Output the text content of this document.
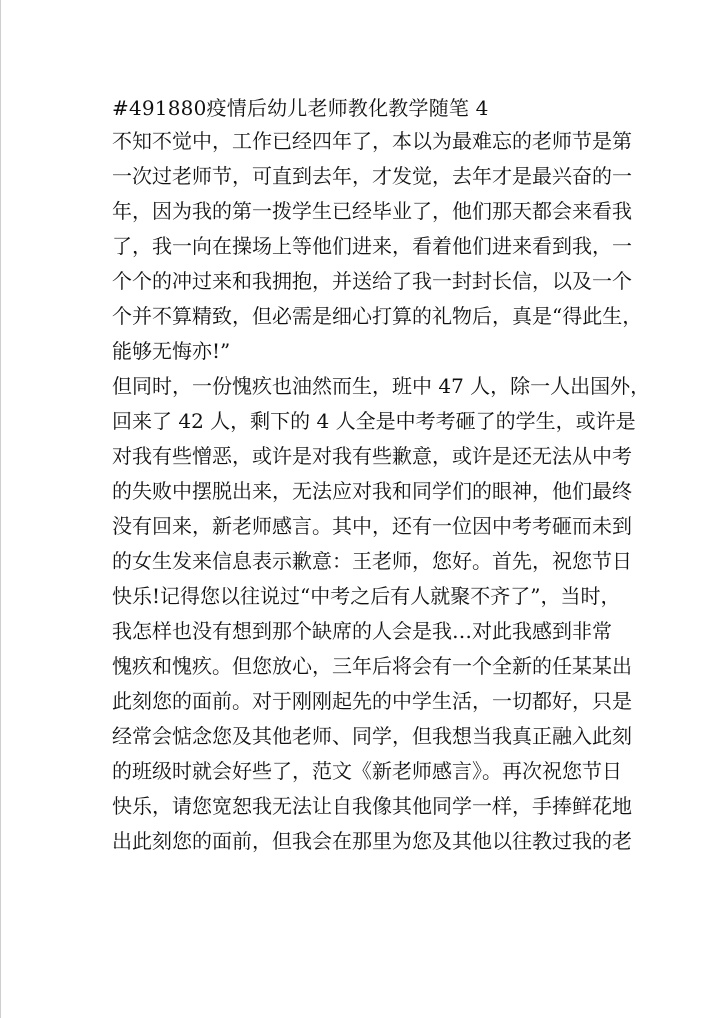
#491880疫情后幼儿老师教化教学随笔 4
不知不觉中，工作已经四年了，本以为最难忘的老师节是第
一次过老师节，可直到去年，才发觉，去年才是最兴奋的一
年，因为我的第一拨学生已经毕业了，他们那天都会来看我
了，我一向在操场上等他们进来，看着他们进来看到我，一
个个的冲过来和我拥抱，并送给了我一封封长信，以及一个
个并不算精致，但必需是细心打算的礼物后，真是“得此生，
能够无悔亦!”
但同时，一份愧疚也油然而生，班中 47 人，除一人出国外，
回来了 42 人，剩下的 4 人全是中考考砸了的学生，或许是
对我有些憎恶，或许是对我有些歉意，或许是还无法从中考
的失败中摆脱出来，无法应对我和同学们的眼神，他们最终
没有回来，新老师感言。其中，还有一位因中考考砸而未到
的女生发来信息表示歉意：王老师，您好。首先，祝您节日
快乐!记得您以往说过“中考之后有人就聚不齐了”，当时，
我怎样也没有想到那个缺席的人会是我…对此我感到非常
愧疚和愧疚。但您放心，三年后将会有一个全新的任某某出
此刻您的面前。对于刚刚起先的中学生活，一切都好，只是
经常会惦念您及其他老师、同学，但我想当我真正融入此刻
的班级时就会好些了，范文《新老师感言》。再次祝您节日
快乐，请您宽恕我无法让自我像其他同学一样，手捧鲜花地
出此刻您的面前，但我会在那里为您及其他以往教过我的老
